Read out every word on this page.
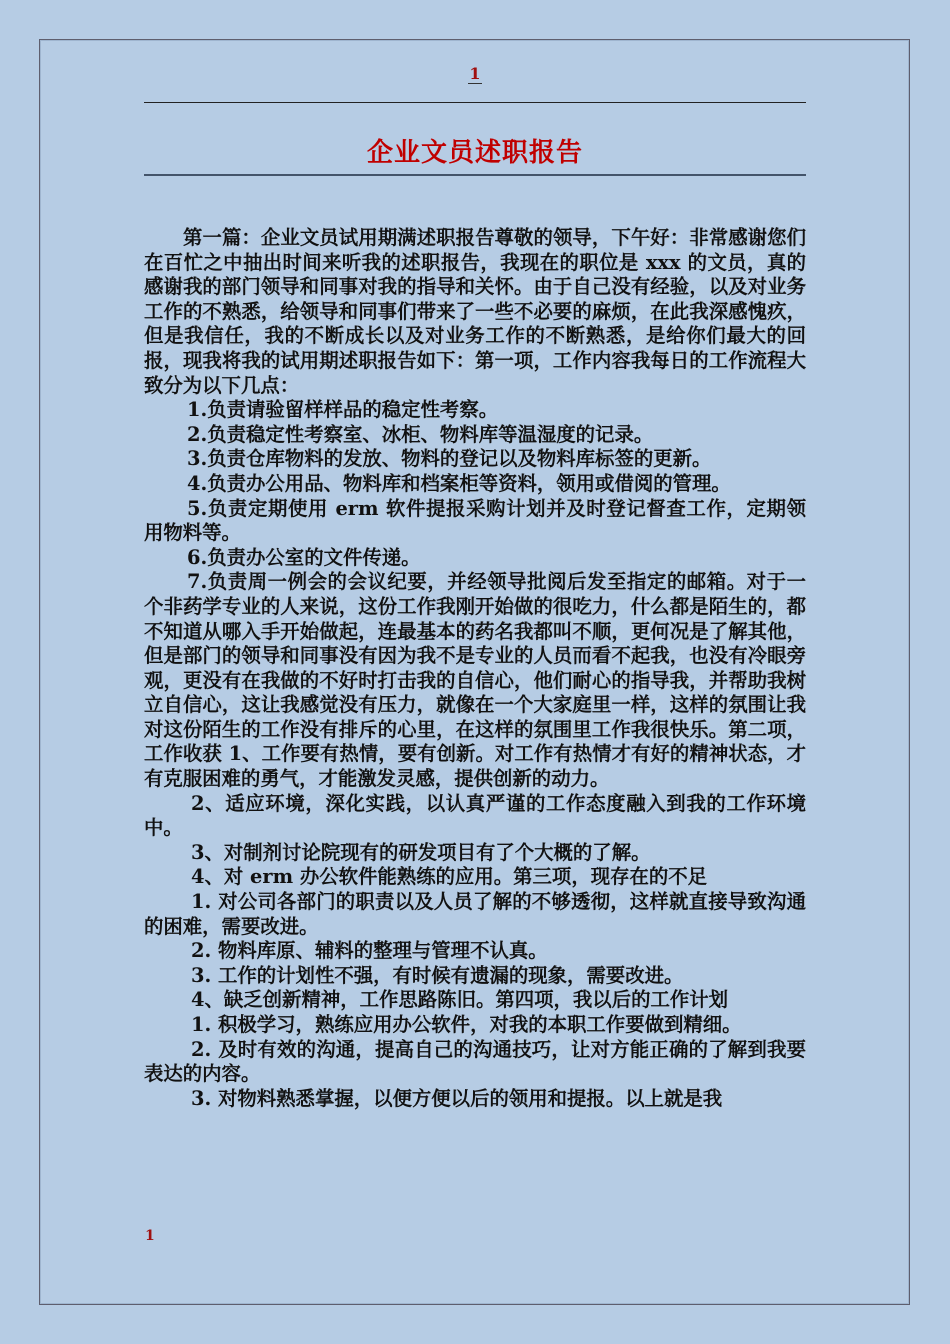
1
企业文员述职报告

第一篇：企业文员试用期满述职报告尊敬的领导，下午好：非常感谢您们在百忙之中抽出时间来听我的述职报告，我现在的职位是 xxx 的文员，真的感谢我的部门领导和同事对我的指导和关怀。由于自己没有经验，以及对业务工作的不熟悉，给领导和同事们带来了一些不必要的麻烦，在此我深感愧疚，但是我信任，我的不断成长以及对业务工作的不断熟悉，是给你们最大的回报，现我将我的试用期述职报告如下：第一项，工作内容我每日的工作流程大致分为以下几点：

1.负责请验留样样品的稳定性考察。

2.负责稳定性考察室、冰柜、物料库等温湿度的记录。

3.负责仓库物料的发放、物料的登记以及物料库标签的更新。

4.负责办公用品、物料库和档案柜等资料，领用或借阅的管理。

5.负责定期使用 erm 软件提报采购计划并及时登记督查工作，定期领用物料等。

6.负责办公室的文件传递。

7.负责周一例会的会议纪要，并经领导批阅后发至指定的邮箱。对于一个非药学专业的人来说，这份工作我刚开始做的很吃力，什么都是陌生的，都不知道从哪入手开始做起，连最基本的药名我都叫不顺，更何况是了解其他，但是部门的领导和同事没有因为我不是专业的人员而看不起我，也没有冷眼旁观，更没有在我做的不好时打击我的自信心，他们耐心的指导我，并帮助我树立自信心，这让我感觉没有压力，就像在一个大家庭里一样，这样的氛围让我对这份陌生的工作没有排斥的心里，在这样的氛围里工作我很快乐。第二项，工作收获 1、工作要有热情，要有创新。对工作有热情才有好的精神状态，才有克服困难的勇气，才能激发灵感，提供创新的动力。

2、适应环境，深化实践，以认真严谨的工作态度融入到我的工作环境中。

3、对制剂讨论院现有的研发项目有了个大概的了解。

4、对 erm 办公软件能熟练的应用。第三项，现存在的不足

1. 对公司各部门的职责以及人员了解的不够透彻，这样就直接导致沟通的困难，需要改进。

2. 物料库原、辅料的整理与管理不认真。

3. 工作的计划性不强，有时候有遗漏的现象，需要改进。

4、缺乏创新精神，工作思路陈旧。第四项，我以后的工作计划

1. 积极学习，熟练应用办公软件，对我的本职工作要做到精细。

2. 及时有效的沟通，提高自己的沟通技巧，让对方能正确的了解到我要表达的内容。

3. 对物料熟悉掌握，以便方便以后的领用和提报。以上就是我

1
